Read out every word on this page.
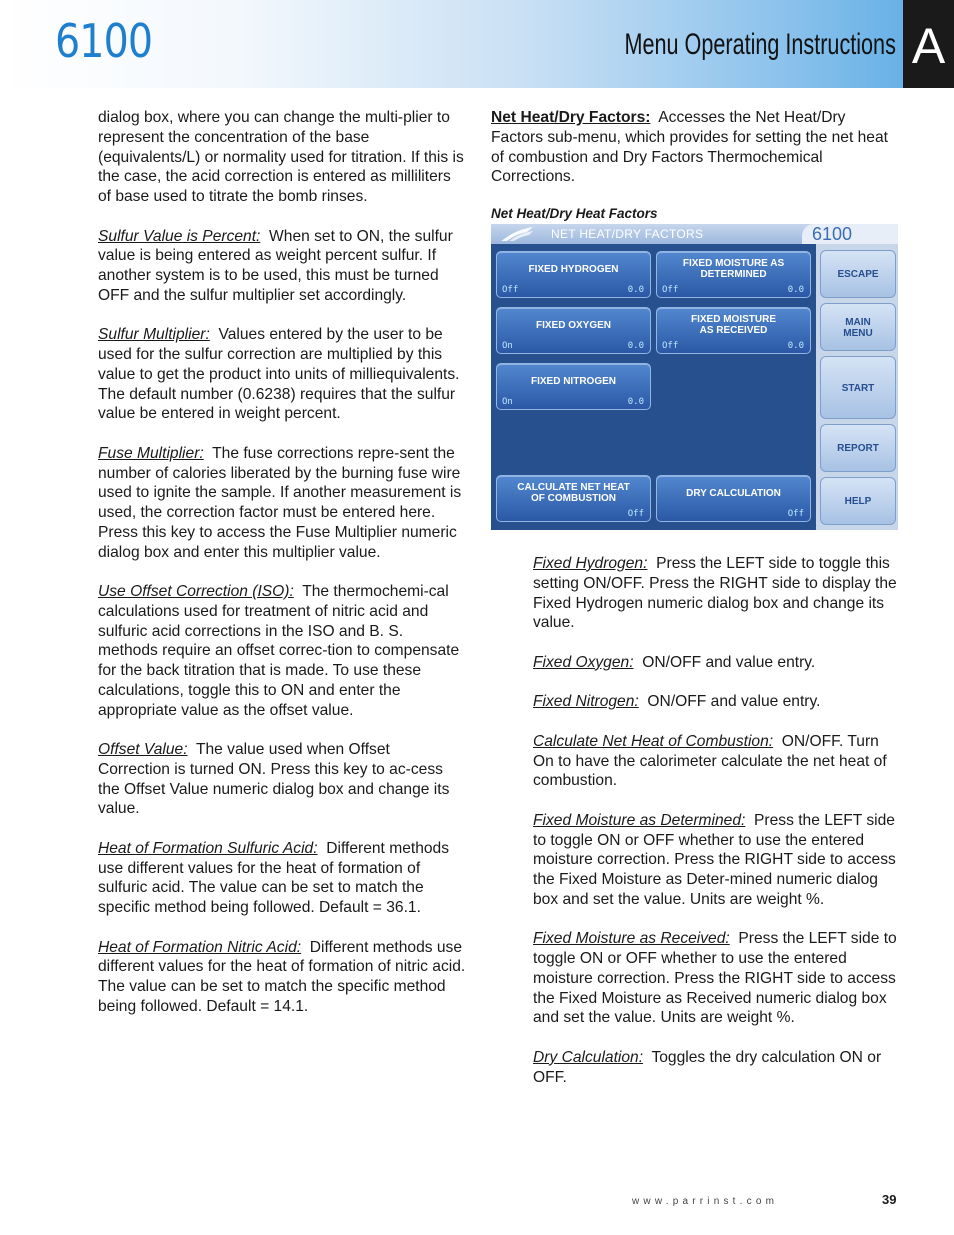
6100	Menu Operating Instructions A

dialog box, where you can change the multi-plier to represent the concentration of the base (equivalents/L) or normality used for titration. If this is the case, the acid correction is entered as milliliters of base used to titrate the bomb rinses.

Sulfur Value is Percent: When set to ON, the sulfur value is being entered as weight percent sulfur. If another system is to be used, this must be turned OFF and the sulfur multiplier set accordingly.

Sulfur Multiplier: Values entered by the user to be used for the sulfur correction are multiplied by this value to get the product into units of milliequivalents. The default number (0.6238) requires that the sulfur value be entered in weight percent.

Fuse Multiplier: The fuse corrections repre-sent the number of calories liberated by the burning fuse wire used to ignite the sample. If another measurement is used, the correction factor must be entered here. Press this key to access the Fuse Multiplier numeric dialog box and enter this multiplier value.

Use Offset Correction (ISO): The thermochemi-cal calculations used for treatment of nitric acid and sulfuric acid corrections in the ISO and B. S. methods require an offset correc-tion to compensate for the back titration that is made. To use these calculations, toggle this to ON and enter the appropriate value as the offset value.

Offset Value: The value used when Offset Correction is turned ON. Press this key to ac-cess the Offset Value numeric dialog box and change its value.

Heat of Formation Sulfuric Acid: Different methods use different values for the heat of formation of sulfuric acid. The value can be set to match the specific method being followed. Default = 36.1.

Heat of Formation Nitric Acid: Different methods use different values for the heat of formation of nitric acid. The value can be set to match the specific method being followed. Default = 14.1.

Net Heat/Dry Factors: Accesses the Net Heat/Dry Factors sub-menu, which provides for setting the net heat of combustion and Dry Factors Thermochemical Corrections.

Net Heat/Dry Heat Factors
NET HEAT/DRY FACTORS	6100
FIXED HYDROGEN
Off	0.0
FIXED MOISTURE AS DETERMINED
Off	0.0
FIXED OXYGEN
On	0.0
FIXED MOISTURE AS RECEIVED
Off	0.0
FIXED NITROGEN
On	0.0
CALCULATE NET HEAT OF COMBUSTION
Off
DRY CALCULATION
Off
ESCAPE
MAIN MENU
START
REPORT
HELP

Fixed Hydrogen: Press the LEFT side to toggle this setting ON/OFF. Press the RIGHT side to display the Fixed Hydrogen numeric dialog box and change its value.

Fixed Oxygen: ON/OFF and value entry.

Fixed Nitrogen: ON/OFF and value entry.

Calculate Net Heat of Combustion: ON/OFF. Turn On to have the calorimeter calculate the net heat of combustion.

Fixed Moisture as Determined: Press the LEFT side to toggle ON or OFF whether to use the entered moisture correction. Press the RIGHT side to access the Fixed Moisture as Deter-mined numeric dialog box and set the value. Units are weight %.

Fixed Moisture as Received: Press the LEFT side to toggle ON or OFF whether to use the entered moisture correction. Press the RIGHT side to access the Fixed Moisture as Received numeric dialog box and set the value. Units are weight %.

Dry Calculation: Toggles the dry calculation ON or OFF.

www.parrinst.com	39
